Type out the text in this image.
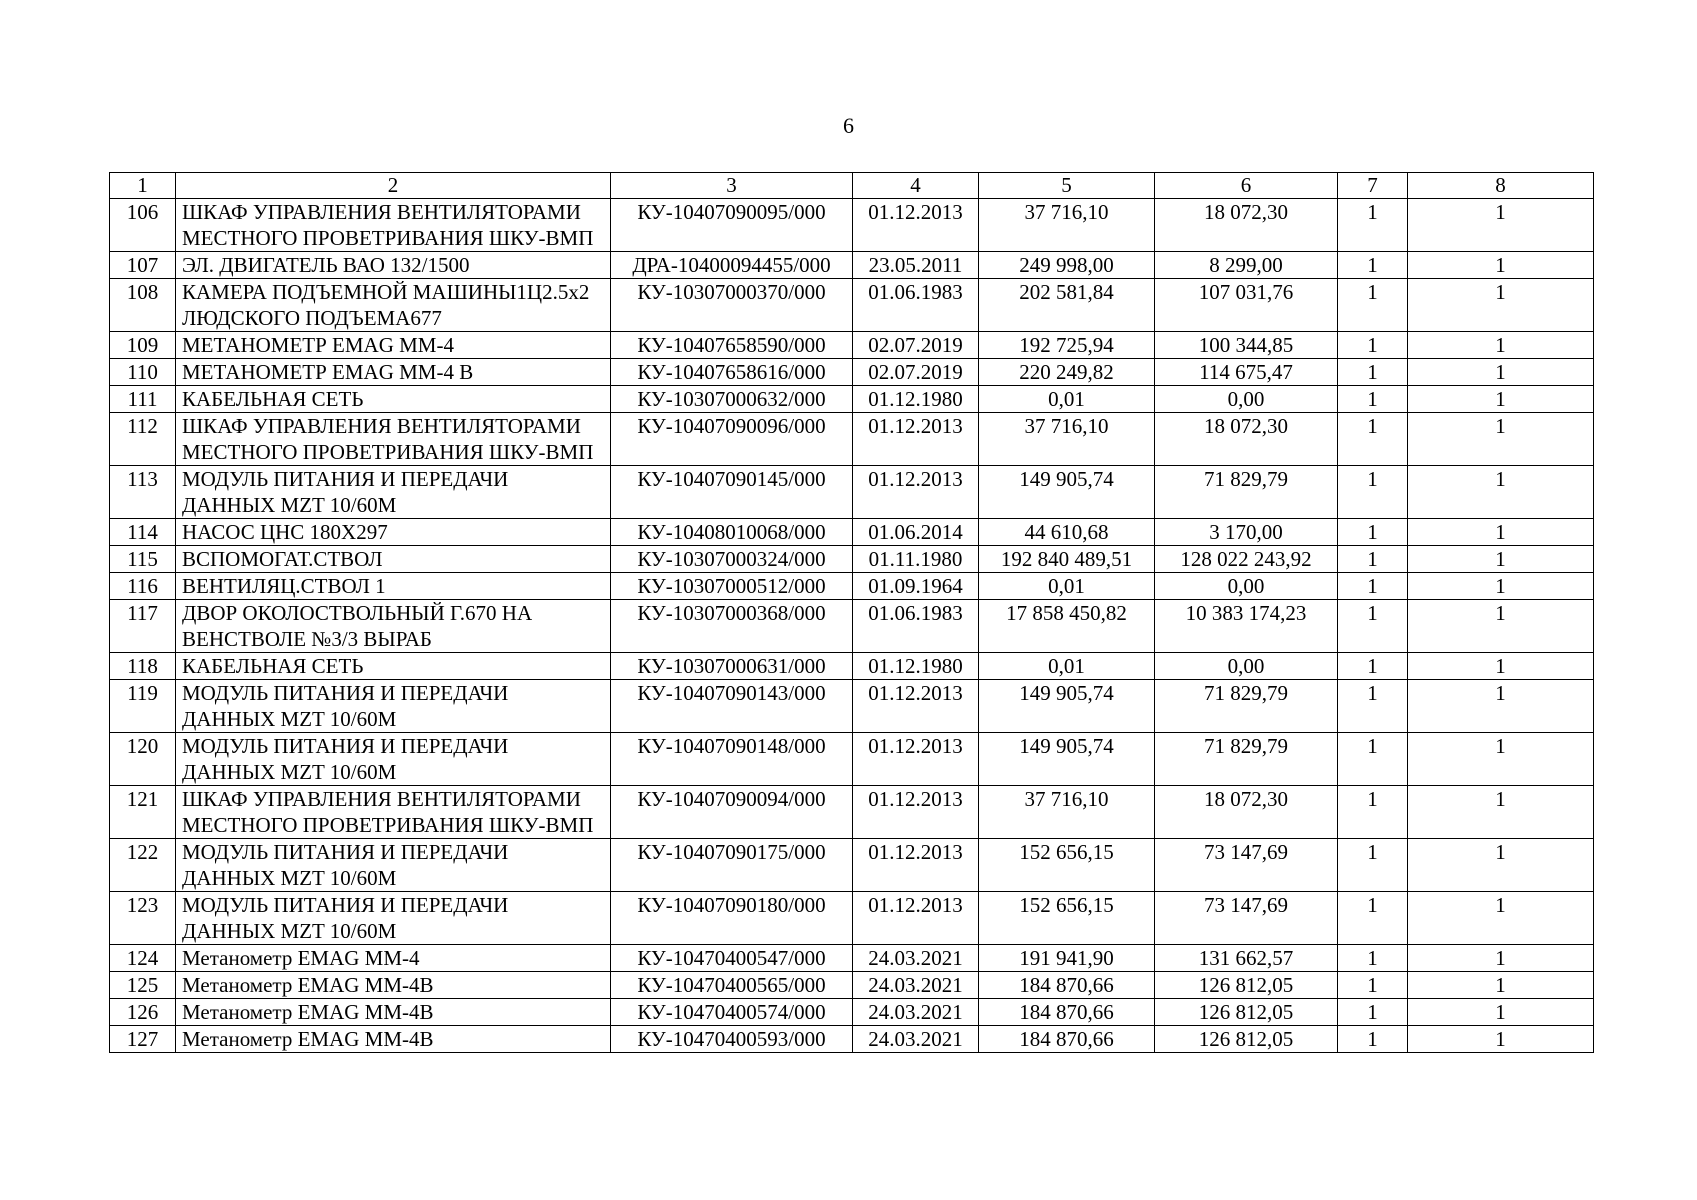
6
1	2	3	4	5	6	7	8
106	ШКАФ УПРАВЛЕНИЯ ВЕНТИЛЯТОРАМИ МЕСТНОГО ПРОВЕТРИВАНИЯ ШКУ-ВМП	КУ-10407090095/000	01.12.2013	37 716,10	18 072,30	1	1
107	ЭЛ. ДВИГАТЕЛЬ ВАО 132/1500	ДРА-10400094455/000	23.05.2011	249 998,00	8 299,00	1	1
108	КАМЕРА ПОДЪЕМНОЙ МАШИНЫ1Ц2.5х2 ЛЮДСКОГО ПОДЪЕМА677	КУ-10307000370/000	01.06.1983	202 581,84	107 031,76	1	1
109	МЕТАНОМЕТР EMAG MM-4	КУ-10407658590/000	02.07.2019	192 725,94	100 344,85	1	1
110	МЕТАНОМЕТР EMAG MM-4 В	КУ-10407658616/000	02.07.2019	220 249,82	114 675,47	1	1
111	КАБЕЛЬНАЯ СЕТЬ	КУ-10307000632/000	01.12.1980	0,01	0,00	1	1
112	ШКАФ УПРАВЛЕНИЯ ВЕНТИЛЯТОРАМИ МЕСТНОГО ПРОВЕТРИВАНИЯ ШКУ-ВМП	КУ-10407090096/000	01.12.2013	37 716,10	18 072,30	1	1
113	МОДУЛЬ ПИТАНИЯ И ПЕРЕДАЧИ ДАННЫХ MZT 10/60M	КУ-10407090145/000	01.12.2013	149 905,74	71 829,79	1	1
114	НАСОС ЦНС 180Х297	КУ-10408010068/000	01.06.2014	44 610,68	3 170,00	1	1
115	ВСПОМОГАТ.СТВОЛ	КУ-10307000324/000	01.11.1980	192 840 489,51	128 022 243,92	1	1
116	ВЕНТИЛЯЦ.СТВОЛ 1	КУ-10307000512/000	01.09.1964	0,01	0,00	1	1
117	ДВОР ОКОЛОСТВОЛЬНЫЙ Г.670 НА ВЕНСТВОЛЕ №3/3 ВЫРАБ	КУ-10307000368/000	01.06.1983	17 858 450,82	10 383 174,23	1	1
118	КАБЕЛЬНАЯ СЕТЬ	КУ-10307000631/000	01.12.1980	0,01	0,00	1	1
119	МОДУЛЬ ПИТАНИЯ И ПЕРЕДАЧИ ДАННЫХ MZT 10/60M	КУ-10407090143/000	01.12.2013	149 905,74	71 829,79	1	1
120	МОДУЛЬ ПИТАНИЯ И ПЕРЕДАЧИ ДАННЫХ MZT 10/60M	КУ-10407090148/000	01.12.2013	149 905,74	71 829,79	1	1
121	ШКАФ УПРАВЛЕНИЯ ВЕНТИЛЯТОРАМИ МЕСТНОГО ПРОВЕТРИВАНИЯ ШКУ-ВМП	КУ-10407090094/000	01.12.2013	37 716,10	18 072,30	1	1
122	МОДУЛЬ ПИТАНИЯ И ПЕРЕДАЧИ ДАННЫХ MZT 10/60M	КУ-10407090175/000	01.12.2013	152 656,15	73 147,69	1	1
123	МОДУЛЬ ПИТАНИЯ И ПЕРЕДАЧИ ДАННЫХ MZT 10/60M	КУ-10407090180/000	01.12.2013	152 656,15	73 147,69	1	1
124	Метанометр EMAG MM-4	КУ-10470400547/000	24.03.2021	191 941,90	131 662,57	1	1
125	Метанометр EMAG MM-4B	КУ-10470400565/000	24.03.2021	184 870,66	126 812,05	1	1
126	Метанометр EMAG MM-4B	КУ-10470400574/000	24.03.2021	184 870,66	126 812,05	1	1
127	Метанометр EMAG MM-4B	КУ-10470400593/000	24.03.2021	184 870,66	126 812,05	1	1
